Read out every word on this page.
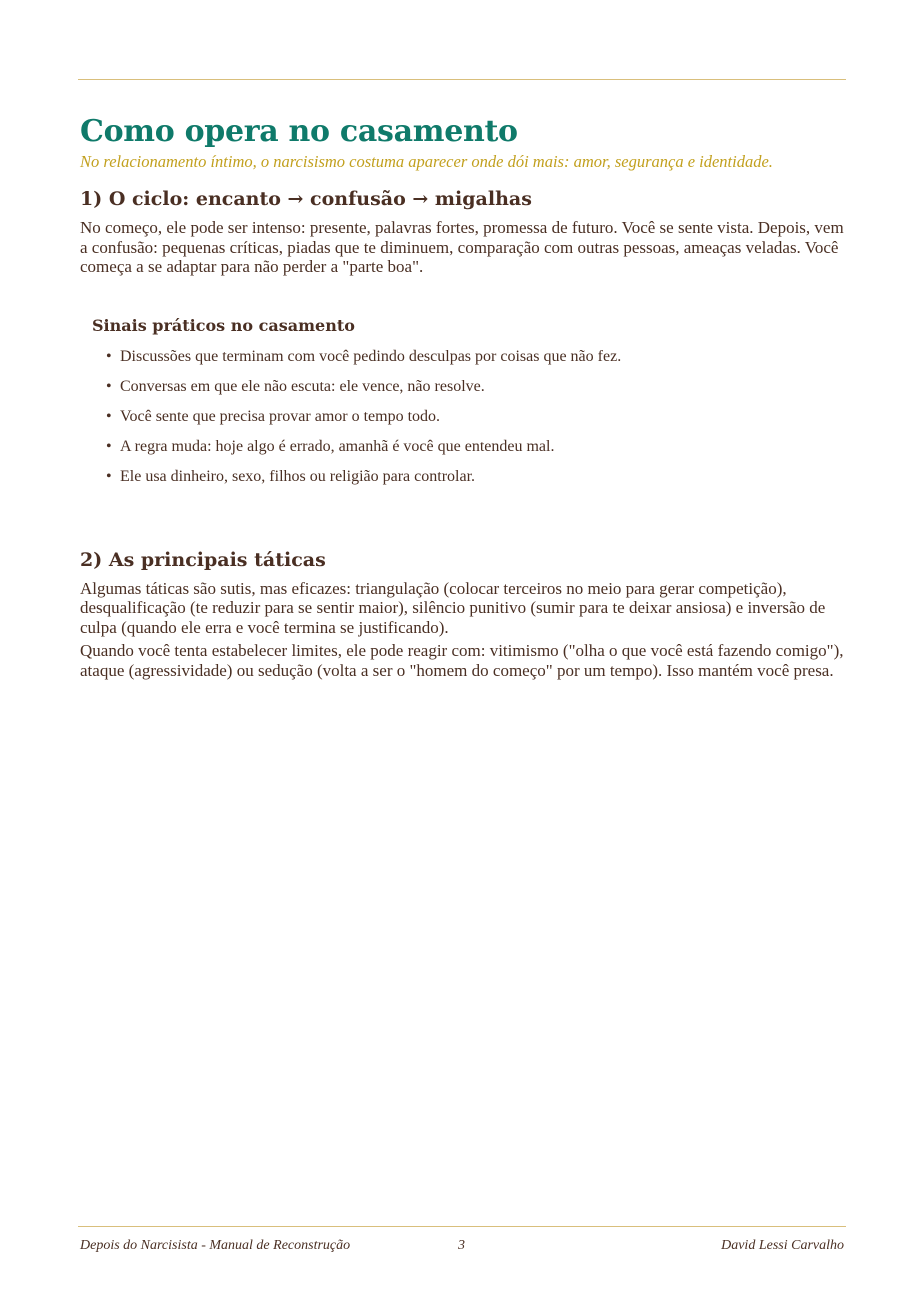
Como opera no casamento

No relacionamento íntimo, o narcisismo costuma aparecer onde dói mais: amor, segurança e identidade.

1) O ciclo: encanto → confusão → migalhas

No começo, ele pode ser intenso: presente, palavras fortes, promessa de futuro. Você se sente vista. Depois, vem a confusão: pequenas críticas, piadas que te diminuem, comparação com outras pessoas, ameaças veladas. Você começa a se adaptar para não perder a "parte boa".

Sinais práticos no casamento
• Discussões que terminam com você pedindo desculpas por coisas que não fez.
• Conversas em que ele não escuta: ele vence, não resolve.
• Você sente que precisa provar amor o tempo todo.
• A regra muda: hoje algo é errado, amanhã é você que entendeu mal.
• Ele usa dinheiro, sexo, filhos ou religião para controlar.
2) As principais táticas

Algumas táticas são sutis, mas eficazes: triangulação (colocar terceiros no meio para gerar competição), desqualificação (te reduzir para se sentir maior), silêncio punitivo (sumir para te deixar ansiosa) e inversão de culpa (quando ele erra e você termina se justificando).

Quando você tenta estabelecer limites, ele pode reagir com: vitimismo ("olha o que você está fazendo comigo"), ataque (agressividade) ou sedução (volta a ser o "homem do começo" por um tempo). Isso mantém você presa.

Depois do Narcisista - Manual de Reconstrução	3	David Lessi Carvalho
